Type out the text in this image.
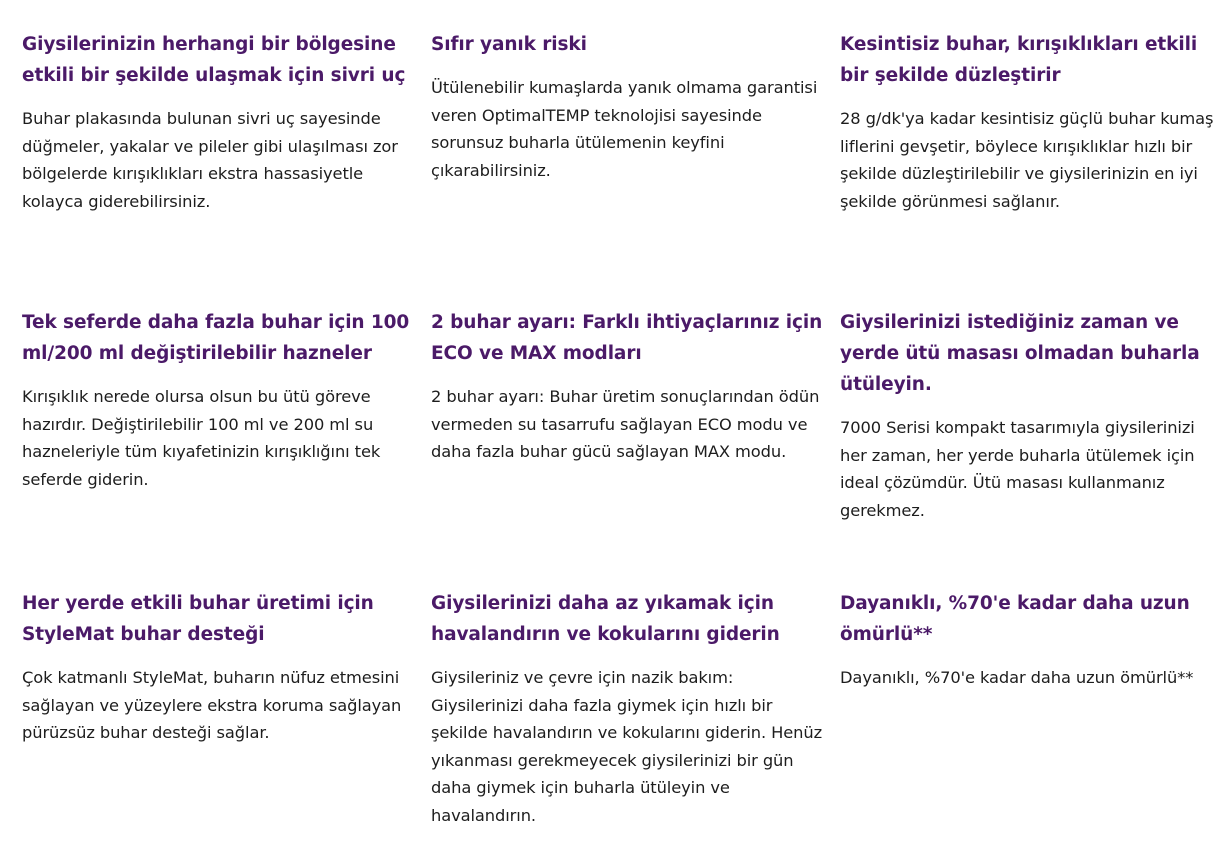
Giysilerinizin herhangi bir bölgesine etkili bir şekilde ulaşmak için sivri uç

Buhar plakasında bulunan sivri uç sayesinde düğmeler, yakalar ve pileler gibi ulaşılması zor bölgelerde kırışıklıkları ekstra hassasiyetle kolayca giderebilirsiniz.

Sıfır yanık riski

Ütülenebilir kumaşlarda yanık olmama garantisi veren OptimalTEMP teknolojisi sayesinde sorunsuz buharla ütülemenin keyfini çıkarabilirsiniz.

Kesintisiz buhar, kırışıklıkları etkili bir şekilde düzleştirir

28 g/dk'ya kadar kesintisiz güçlü buhar kumaş liflerini gevşetir, böylece kırışıklıklar hızlı bir şekilde düzleştirilebilir ve giysilerinizin en iyi şekilde görünmesi sağlanır.

Tek seferde daha fazla buhar için 100 ml/200 ml değiştirilebilir hazneler

Kırışıklık nerede olursa olsun bu ütü göreve hazırdır. Değiştirilebilir 100 ml ve 200 ml su hazneleriyle tüm kıyafetinizin kırışıklığını tek seferde giderin.

2 buhar ayarı: Farklı ihtiyaçlarınız için ECO ve MAX modları

2 buhar ayarı: Buhar üretim sonuçlarından ödün vermeden su tasarrufu sağlayan ECO modu ve daha fazla buhar gücü sağlayan MAX modu.

Giysilerinizi istediğiniz zaman ve yerde ütü masası olmadan buharla ütüleyin.

7000 Serisi kompakt tasarımıyla giysilerinizi her zaman, her yerde buharla ütülemek için ideal çözümdür. Ütü masası kullanmanız gerekmez.

Her yerde etkili buhar üretimi için StyleMat buhar desteği

Çok katmanlı StyleMat, buharın nüfuz etmesini sağlayan ve yüzeylere ekstra koruma sağlayan pürüzsüz buhar desteği sağlar.

Giysilerinizi daha az yıkamak için havalandırın ve kokularını giderin

Giysileriniz ve çevre için nazik bakım: Giysilerinizi daha fazla giymek için hızlı bir şekilde havalandırın ve kokularını giderin. Henüz yıkanması gerekmeyecek giysilerinizi bir gün daha giymek için buharla ütüleyin ve havalandırın.

Dayanıklı, %70'e kadar daha uzun ömürlü**

Dayanıklı, %70'e kadar daha uzun ömürlü**
